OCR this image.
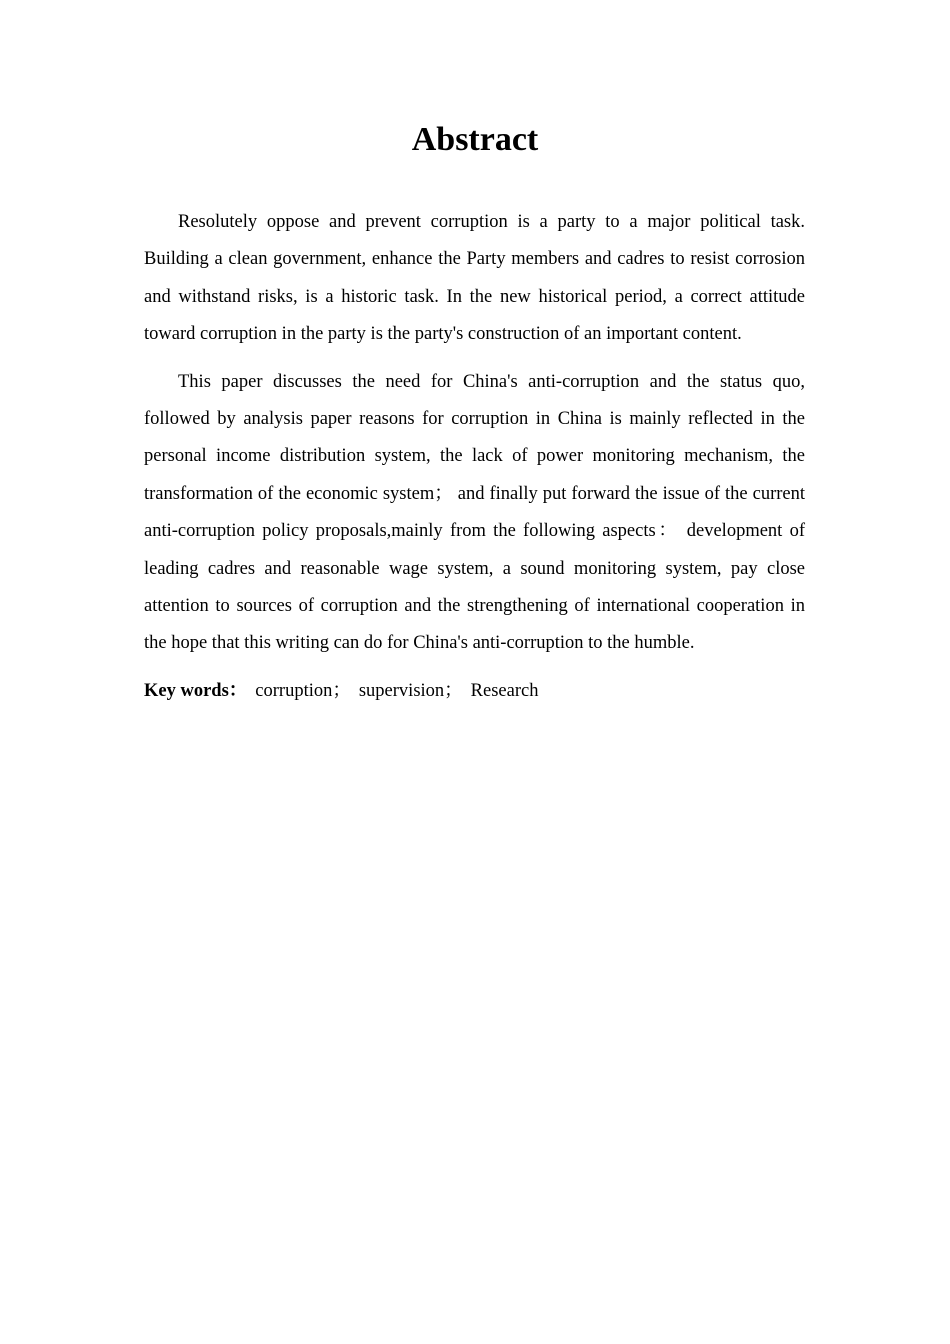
Abstract

Resolutely oppose and prevent corruption is a party to a major political task. Building a clean government, enhance the Party members and cadres to resist corrosion and withstand risks, is a historic task. In the new historical period, a correct attitude toward corruption in the party is the party's construction of an important content.

This paper discusses the need for China's anti-corruption and the status quo, followed by analysis paper reasons for corruption in China is mainly reflected in the personal income distribution system, the lack of power monitoring mechanism, the transformation of the economic system； and finally put forward the issue of the current anti-corruption policy proposals,mainly from the following aspects： development of leading cadres and reasonable wage system, a sound monitoring system, pay close attention to sources of corruption and the strengthening of international cooperation in the hope that this writing can do for China's anti-corruption to the humble.

Key words： corruption； supervision； Research
